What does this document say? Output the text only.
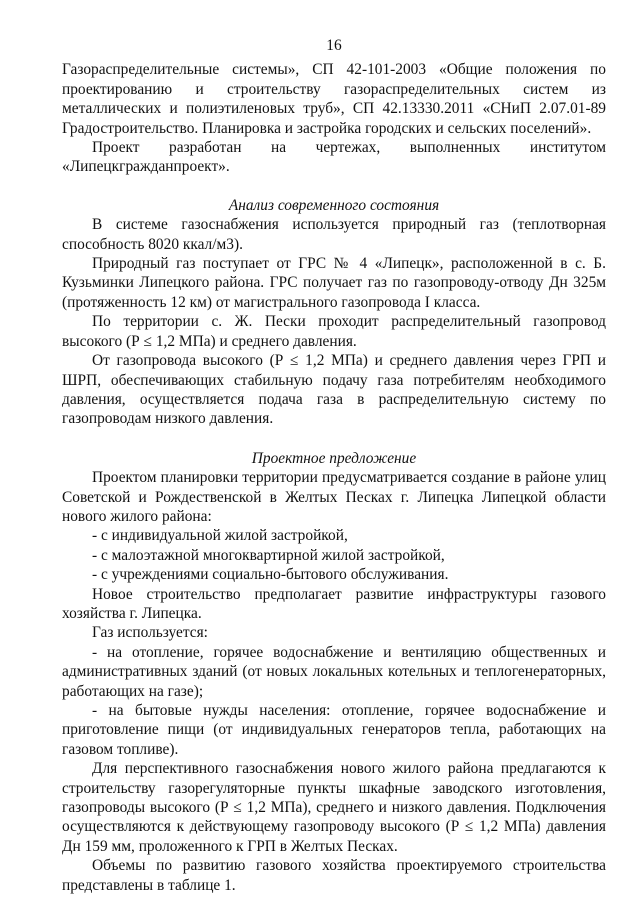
16

Газораспределительные системы», СП 42-101-2003 «Общие положения по проектированию и строительству газораспределительных систем из металлических и полиэтиленовых труб», СП 42.13330.2011 «СНиП 2.07.01-89 Градостроительство. Планировка и застройка городских и сельских поселений».

Проект разработан на чертежах, выполненных институтом «Липецкгражданпроект».

Анализ современного состояния

В системе газоснабжения используется природный газ (теплотворная способность 8020 ккал/м3).

Природный газ поступает от ГРС № 4 «Липецк», расположенной в с. Б. Кузьминки Липецкого района. ГРС получает газ по газопроводу-отводу Дн 325м (протяженность 12 км) от магистрального газопровода I класса.

По территории с. Ж. Пески проходит распределительный газопровод высокого (Р ≤ 1,2 МПа) и среднего давления.

От газопровода высокого (Р ≤ 1,2 МПа) и среднего давления через ГРП и ШРП, обеспечивающих стабильную подачу газа потребителям необходимого давления, осуществляется подача газа в распределительную систему по газопроводам низкого давления.

Проектное предложение

Проектом планировки территории предусматривается создание в районе улиц Советской и Рождественской в Желтых Песках г. Липецка Липецкой области нового жилого района:

- с индивидуальной жилой застройкой,

- с малоэтажной многоквартирной жилой застройкой,

- с учреждениями социально-бытового обслуживания.

Новое строительство предполагает развитие инфраструктуры газового хозяйства г. Липецка.

Газ используется:

- на отопление, горячее водоснабжение и вентиляцию общественных и административных зданий (от новых локальных котельных и теплогенераторных, работающих на газе);

- на бытовые нужды населения: отопление, горячее водоснабжение и приготовление пищи (от индивидуальных генераторов тепла, работающих на газовом топливе).

Для перспективного газоснабжения нового жилого района предлагаются к строительству газорегуляторные пункты шкафные заводского изготовления, газопроводы высокого (Р ≤ 1,2 МПа), среднего и низкого давления. Подключения осуществляются к действующему газопроводу высокого (Р ≤ 1,2 МПа) давления Дн 159 мм, проложенного к ГРП в Желтых Песках.

Объемы по развитию газового хозяйства проектируемого строительства представлены в таблице 1.
